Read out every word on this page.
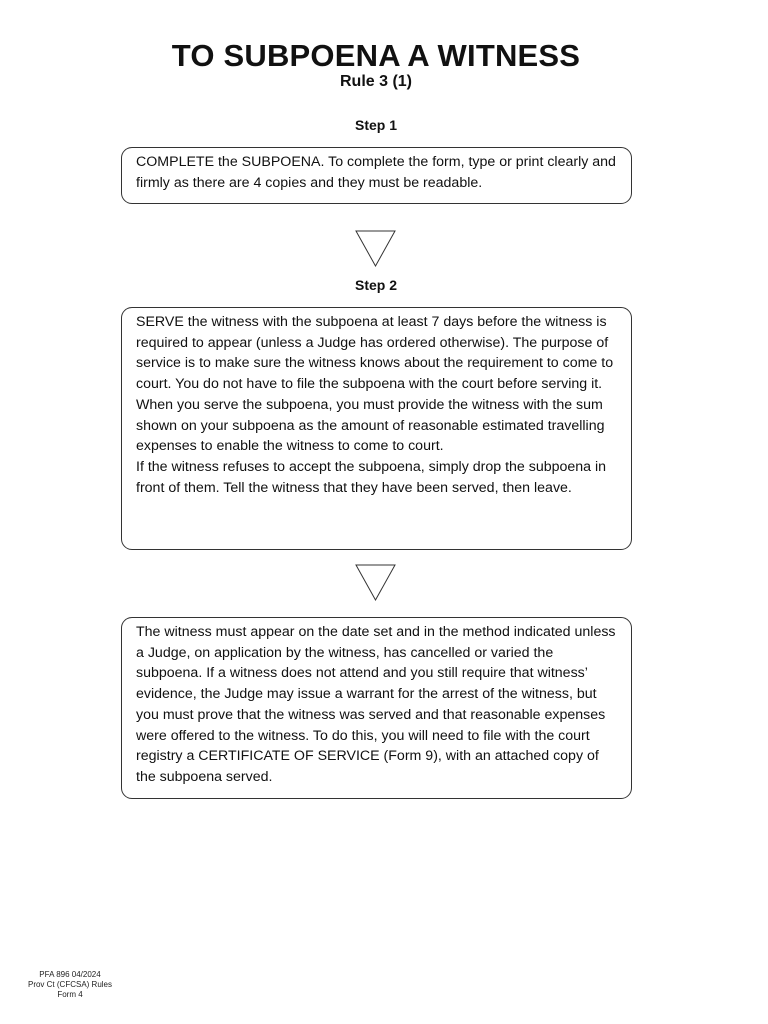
TO SUBPOENA A WITNESS
Rule 3 (1)
Step 1

COMPLETE the SUBPOENA. To complete the form, type or print clearly and firmly as there are 4 copies and they must be readable.

Step 2

SERVE the witness with the subpoena at least 7 days before the witness is required to appear (unless a Judge has ordered otherwise). The purpose of service is to make sure the witness knows about the requirement to come to court. You do not have to file the subpoena with the court before serving it.

When you serve the subpoena, you must provide the witness with the sum shown on your subpoena as the amount of reasonable estimated travelling expenses to enable the witness to come to court.

If the witness refuses to accept the subpoena, simply drop the subpoena in front of them. Tell the witness that they have been served, then leave.

The witness must appear on the date set and in the method indicated unless a Judge, on application by the witness, has cancelled or varied the subpoena. If a witness does not attend and you still require that witness’ evidence, the Judge may issue a warrant for the arrest of the witness, but you must prove that the witness was served and that reasonable expenses were offered to the witness. To do this, you will need to file with the court registry a CERTIFICATE OF SERVICE (Form 9), with an attached copy of the subpoena served.

PFA 896 04/2024
Prov Ct (CFCSA) Rules
Form 4
